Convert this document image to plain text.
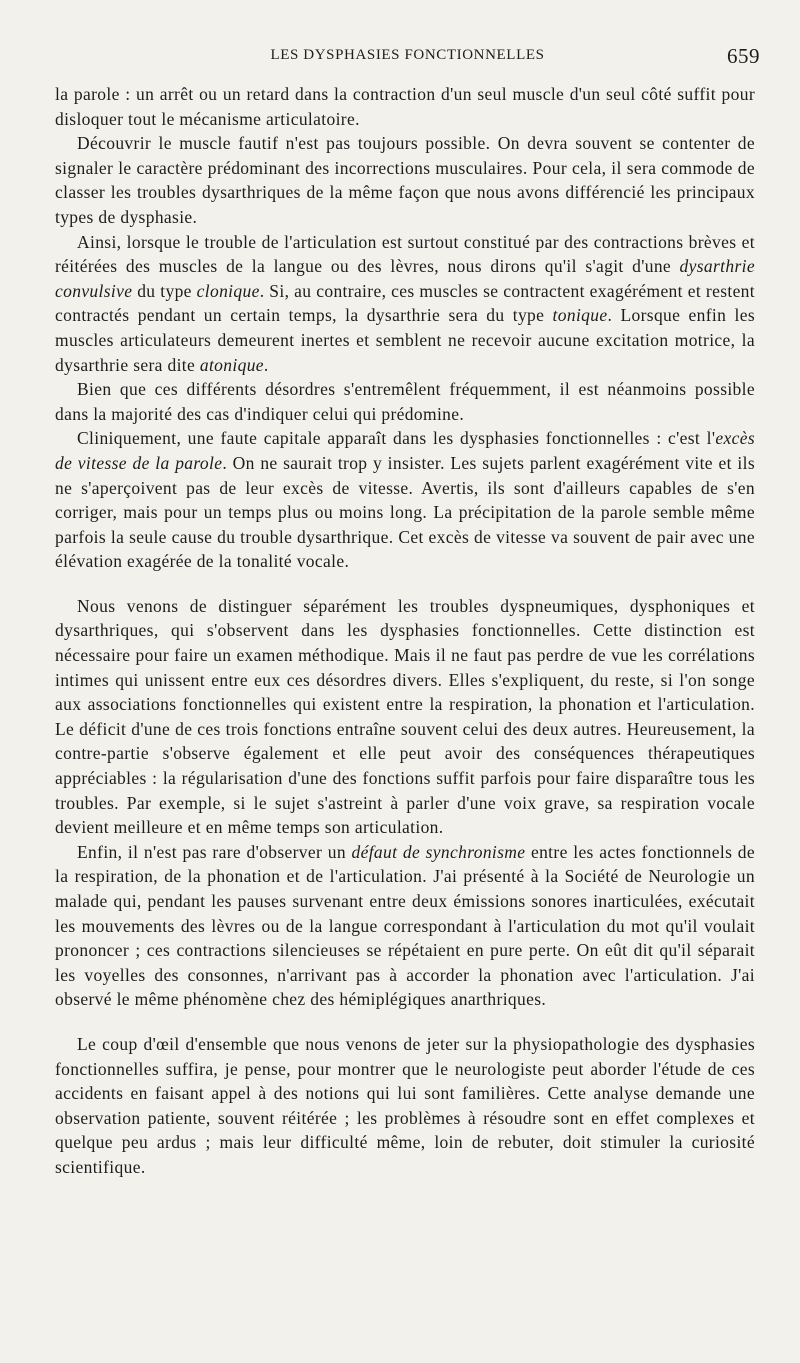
LES DYSPHASIES FONCTIONNELLES	659

la parole : un arrêt ou un retard dans la contraction d'un seul muscle d'un seul côté suffit pour disloquer tout le mécanisme articulatoire.

Découvrir le muscle fautif n'est pas toujours possible. On devra souvent se contenter de signaler le caractère prédominant des incorrections musculaires. Pour cela, il sera commode de classer les troubles dysarthriques de la même façon que nous avons différencié les principaux types de dysphasie.

Ainsi, lorsque le trouble de l'articulation est surtout constitué par des contractions brèves et réitérées des muscles de la langue ou des lèvres, nous dirons qu'il s'agit d'une dysarthrie convulsive du type clonique. Si, au contraire, ces muscles se contractent exagérément et restent contractés pendant un certain temps, la dysarthrie sera du type tonique. Lorsque enfin les muscles articulateurs demeurent inertes et semblent ne recevoir aucune excitation motrice, la dysarthrie sera dite atonique.

Bien que ces différents désordres s'entremêlent fréquemment, il est néanmoins possible dans la majorité des cas d'indiquer celui qui prédomine.

Cliniquement, une faute capitale apparaît dans les dysphasies fonctionnelles : c'est l'excès de vitesse de la parole. On ne saurait trop y insister. Les sujets parlent exagérément vite et ils ne s'aperçoivent pas de leur excès de vitesse. Avertis, ils sont d'ailleurs capables de s'en corriger, mais pour un temps plus ou moins long. La précipitation de la parole semble même parfois la seule cause du trouble dysarthrique. Cet excès de vitesse va souvent de pair avec une élévation exagérée de la tonalité vocale.

Nous venons de distinguer séparément les troubles dyspneumiques, dysphoniques et dysarthriques, qui s'observent dans les dysphasies fonctionnelles. Cette distinction est nécessaire pour faire un examen méthodique. Mais il ne faut pas perdre de vue les corrélations intimes qui unissent entre eux ces désordres divers. Elles s'expliquent, du reste, si l'on songe aux associations fonctionnelles qui existent entre la respiration, la phonation et l'articulation. Le déficit d'une de ces trois fonctions entraîne souvent celui des deux autres. Heureusement, la contre-partie s'observe également et elle peut avoir des conséquences thérapeutiques appréciables : la régularisation d'une des fonctions suffit parfois pour faire disparaître tous les troubles. Par exemple, si le sujet s'astreint à parler d'une voix grave, sa respiration vocale devient meilleure et en même temps son articulation.

Enfin, il n'est pas rare d'observer un défaut de synchronisme entre les actes fonctionnels de la respiration, de la phonation et de l'articulation. J'ai présenté à la Société de Neurologie un malade qui, pendant les pauses survenant entre deux émissions sonores inarticulées, exécutait les mouvements des lèvres ou de la langue correspondant à l'articulation du mot qu'il voulait prononcer ; ces contractions silencieuses se répétaient en pure perte. On eût dit qu'il séparait les voyelles des consonnes, n'arrivant pas à accorder la phonation avec l'articulation. J'ai observé le même phénomène chez des hémiplégiques anarthriques.

Le coup d'œil d'ensemble que nous venons de jeter sur la physiopathologie des dysphasies fonctionnelles suffira, je pense, pour montrer que le neurologiste peut aborder l'étude de ces accidents en faisant appel à des notions qui lui sont familières. Cette analyse demande une observation patiente, souvent réitérée ; les problèmes à résoudre sont en effet complexes et quelque peu ardus ; mais leur difficulté même, loin de rebuter, doit stimuler la curiosité scientifique.
